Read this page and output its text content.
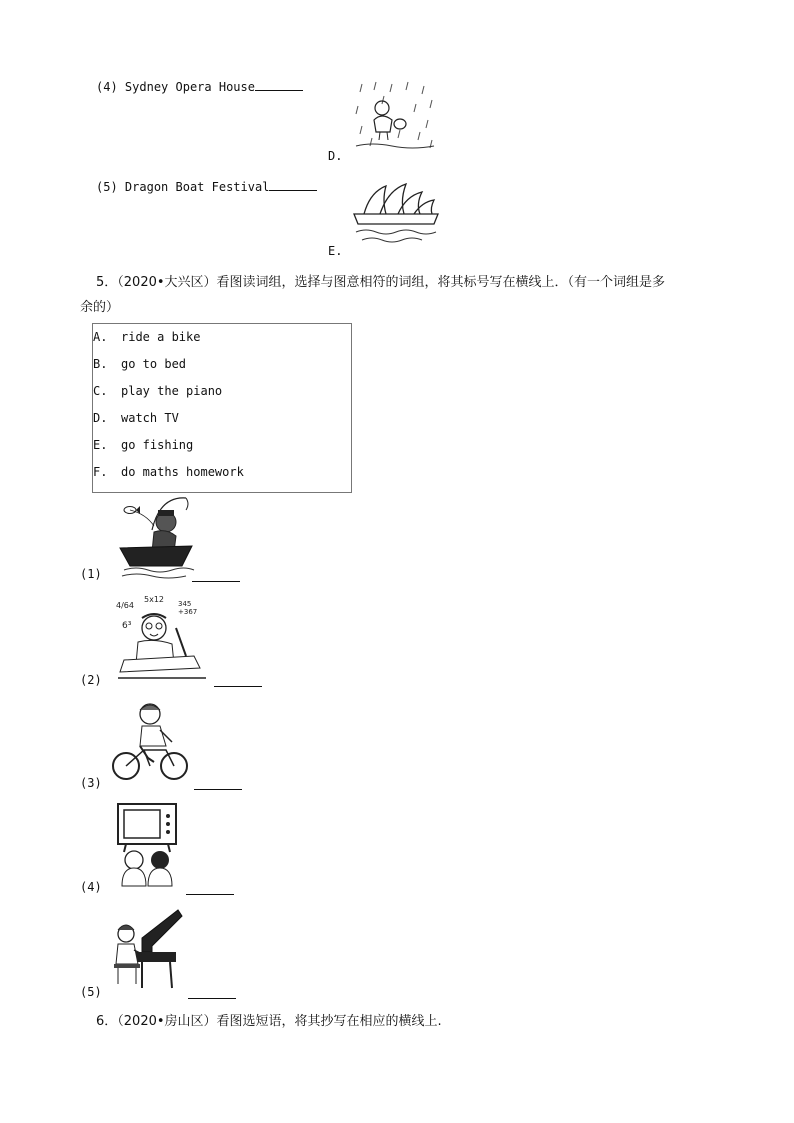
(4) Sydney Opera House
D.
(5) Dragon Boat Festival
E.
5．（2020•大兴区）看图读词组，选择与图意相符的词组，将其标号写在横线上．（有一个词组是多
余的）
A. ride a bike
B. go to bed
C. play the piano
D. watch TV
E. go fishing
F. do maths homework
(1)
4/64
5x12 345
+367
6³
(2)
(3)
(4)
(5)
6．（2020•房山区）看图选短语，将其抄写在相应的横线上.
